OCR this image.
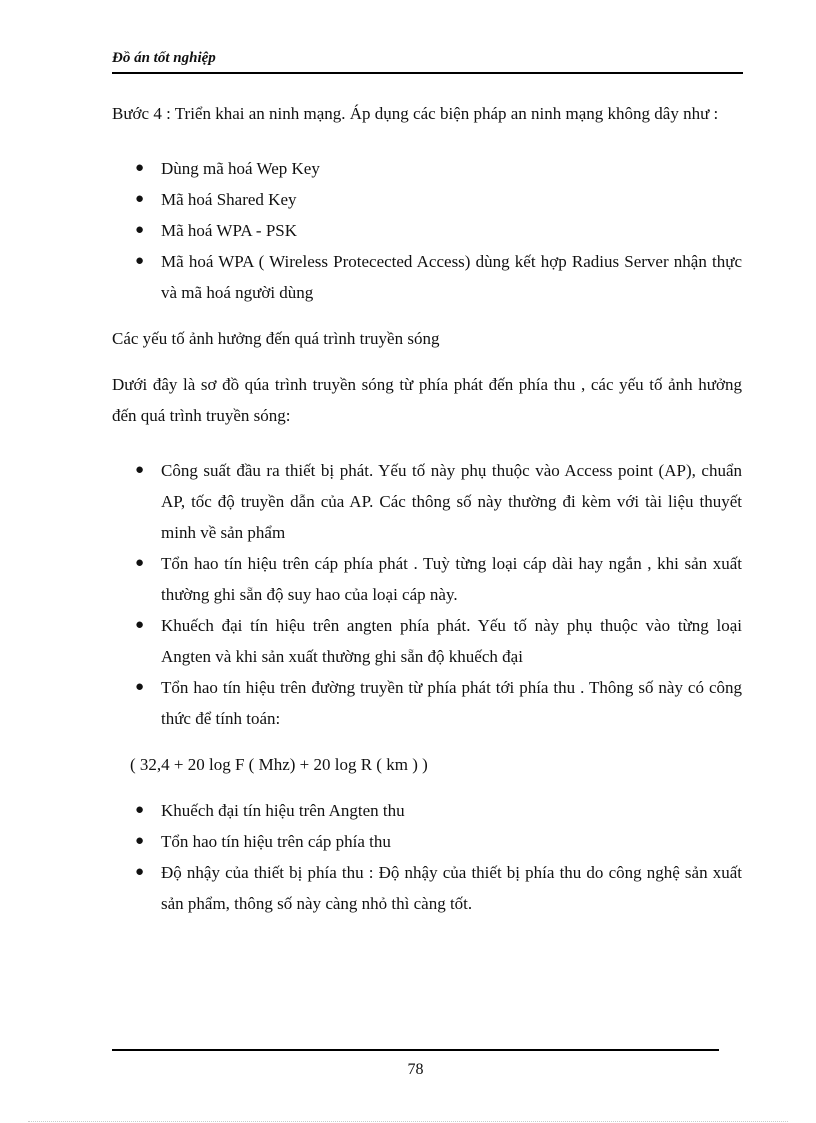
Đồ án tốt nghiệp

Bước 4 : Triển khai an ninh mạng. Áp dụng các biện pháp an ninh mạng không dây như :

● Dùng mã hoá Wep Key
● Mã hoá Shared Key
● Mã hoá WPA - PSK
● Mã hoá WPA ( Wireless Protecected Access) dùng kết hợp Radius Server nhận thực và mã hoá người dùng

Các yếu tố ảnh hưởng đến quá trình truyền sóng

Dưới đây là sơ đồ qúa trình truyền sóng từ phía phát đến phía thu , các yếu tố ảnh hưởng đến quá trình truyền sóng:

● Công suất đầu ra thiết bị phát. Yếu tố này phụ thuộc vào Access point (AP), chuẩn AP, tốc độ truyền dẫn của AP. Các thông số này thường đi kèm với tài liệu thuyết minh về sản phẩm
● Tổn hao tín hiệu trên cáp phía phát . Tuỳ từng loại cáp dài hay ngắn , khi sản xuất thường ghi sẵn độ suy hao của loại cáp này.
● Khuếch đại tín hiệu trên angten phía phát. Yếu tố này phụ thuộc vào từng loại Angten và khi sản xuất thường ghi sẵn độ khuếch đại
● Tổn hao tín hiệu trên đường truyền từ phía phát tới phía thu . Thông số này có công thức để tính toán:

( 32,4 + 20 log F ( Mhz) + 20 log R ( km ) )

● Khuếch đại tín hiệu trên Angten thu
● Tổn hao tín hiệu trên cáp phía thu
● Độ nhậy của thiết bị phía thu : Độ nhậy của thiết bị phía thu do công nghệ sản xuất sản phẩm, thông số này càng nhỏ thì càng tốt.
78
